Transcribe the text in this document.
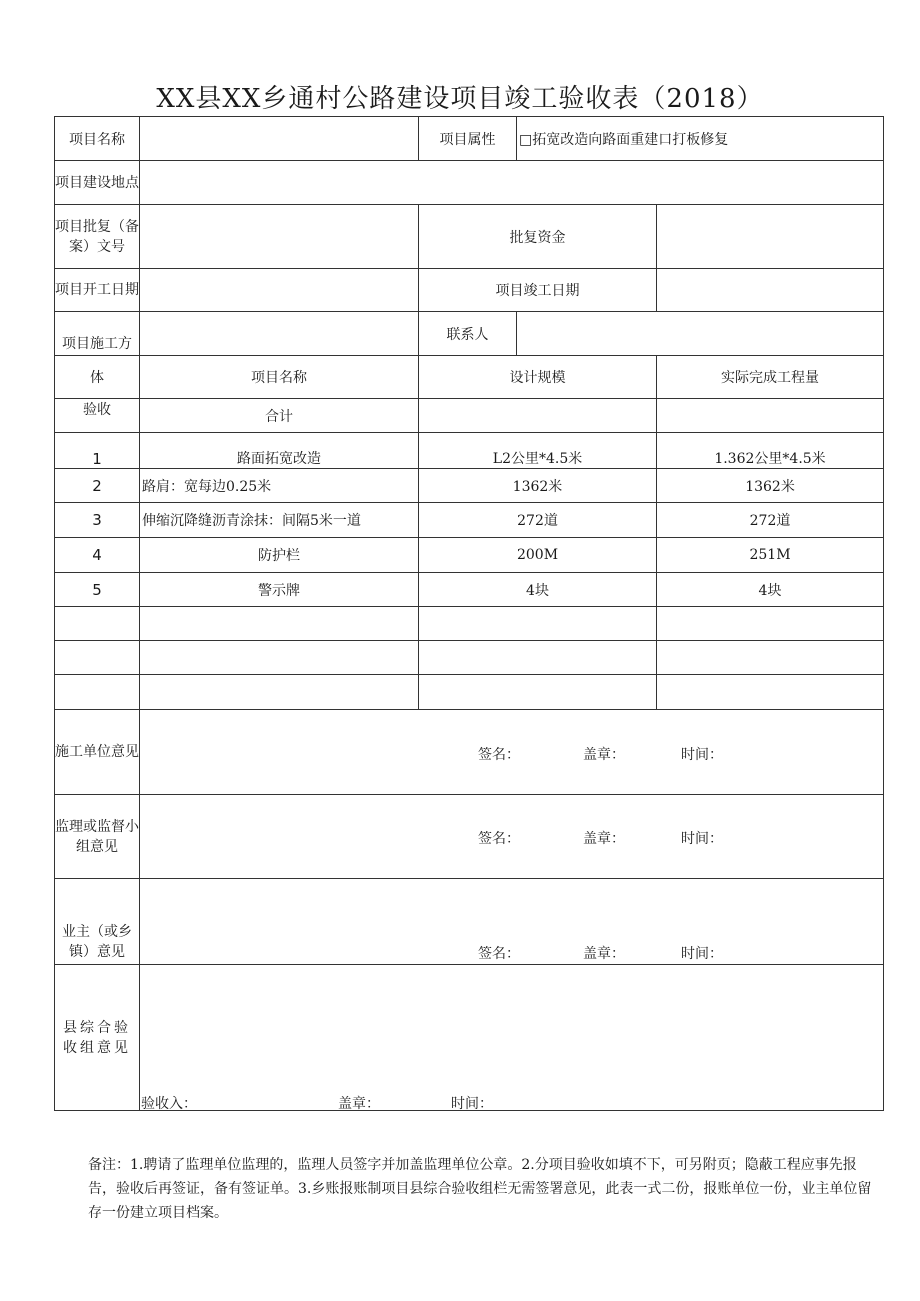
XX县XX乡通村公路建设项目竣工验收表（2018）
项目名称		项目属性	□拓宽改造向路面重建口打板修复	
项目建设地点				
项目批复（备案）文号		批复资金		
项目开工日期		项目竣工日期		
项目施工方		联系人		
体	项目名称	设计规模		实际完成工程量
验收	合计			
1	路面拓宽改造	L2公里*4.5米		1.362公里*4.5米
2	路肩：宽每边0.25米	1362米		1362米
3	伸缩沉降缝沥青涂抹：间隔5米一道	272道		272道
4	防护栏	200M		251M
5	警示牌	4块		4块

施工单位意见	签名： 盖章： 时间：			

监理或监督小组意见	签名： 盖章： 时间：			

业主（或乡镇）意见	签名： 盖章： 时间：			

县综合验收组意见	验收入： 盖章： 时间：			
备注：1.聘请了监理单位监理的，监理人员签字并加盖监理单位公章。2.分项目验收如填不下，可另附页；隐蔽工程应事先报告，验收后再签证，备有签证单。3.乡账报账制项目县综合验收组栏无需签署意见，此表一式二份，报账单位一份，业主单位留存一份建立项目档案。
